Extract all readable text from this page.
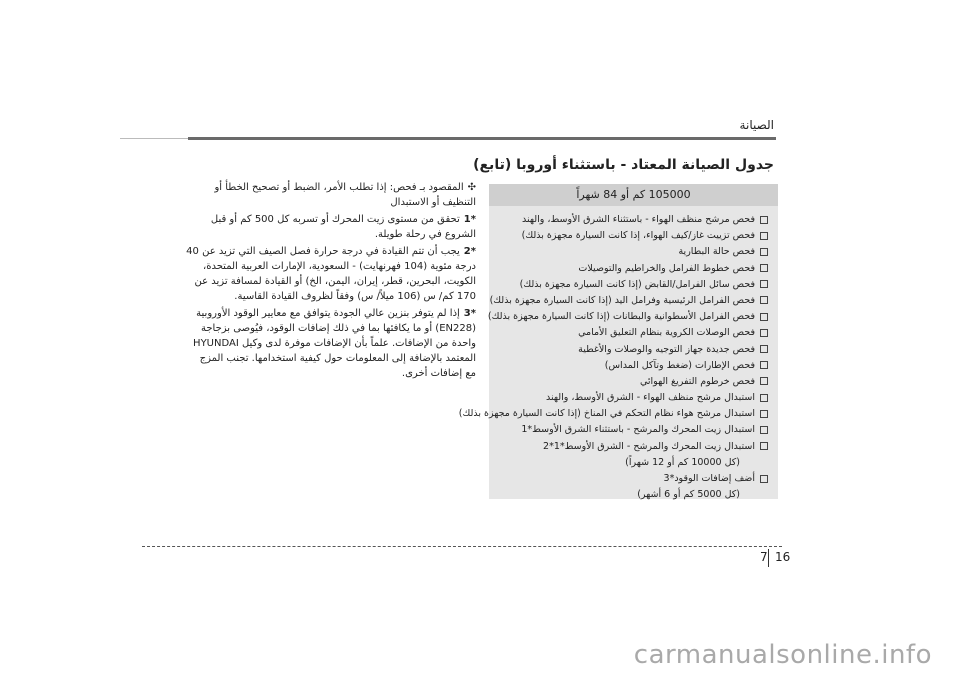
الصيانة
جدول الصيانة المعتاد - باستثناء أوروبا (تابع)
105000 كم أو 84 شهراً
فحص مرشح منظف الهواء - باستثناء الشرق الأوسط، والهند
فحص تزييت غاز/كيف الهواء، إذا كانت السيارة مجهزة بذلك)
فحص حالة البطارية
فحص خطوط الفرامل والخراطيم والتوصيلات
فحص سائل الفرامل/القابض (إذا كانت السيارة مجهزة بذلك)
فحص الفرامل الرئيسية وفرامل اليد (إذا كانت السيارة مجهزة بذلك)
فحص الفرامل الأسطوانية والبطانات (إذا كانت السيارة مجهزة بذلك)
فحص الوصلات الكروية بنظام التعليق الأمامي
فحص جديدة جهاز التوجيه والوصلات والأغطية
فحص الإطارات (ضغط وتآكل المداس)
فحص خرطوم التفريغ الهوائي
استبدال مرشح منظف الهواء - الشرق الأوسط، والهند
استبدال مرشح هواء نظام التحكم في المناخ (إذا كانت السيارة مجهزة بذلك)
استبدال زيت المحرك والمرشح - باستثناء الشرق الأوسط*1
استبدال زيت المحرك والمرشح - الشرق الأوسط*1*2
(كل 10000 كم أو 12 شهراً)
أضف إضافات الوقود*3
(كل 5000 كم أو 6 أشهر)
✣المقصود بـ فحص: إذا تطلب الأمر، الضبط أو تصحيح الخطأ أو التنظيف أو الاستبدال
*1تحقق من مستوى زيت المحرك أو تسربه كل 500 كم أو قبل الشروع في رحلة طويلة.
*2يجب أن تتم القيادة في درجة حرارة فصل الصيف التي تزيد عن 40 درجة مئوية (104 فهرنهايت) - السعودية، الإمارات العربية المتحدة، الكويت، البحرين، قطر، إيران، اليمن، الخ) أو القيادة لمسافة تزيد عن 170 كم/ س (106 ميلاً/ س) وفقاً لظروف القيادة القاسية.
*3إذا لم يتوفر بنزين عالي الجودة يتوافق مع معايير الوقود الأوروبية (EN228) أو ما يكافئها بما في ذلك إضافات الوقود، فيُوصى بزجاجة واحدة من الإضافات. علماً بأن الإضافات موفرة لدى وكيل HYUNDAI المعتمد بالإضافة إلى المعلومات حول كيفية استخدامها. تجنب المزج مع إضافات أخرى.
7 16
carmanualsonline.info
